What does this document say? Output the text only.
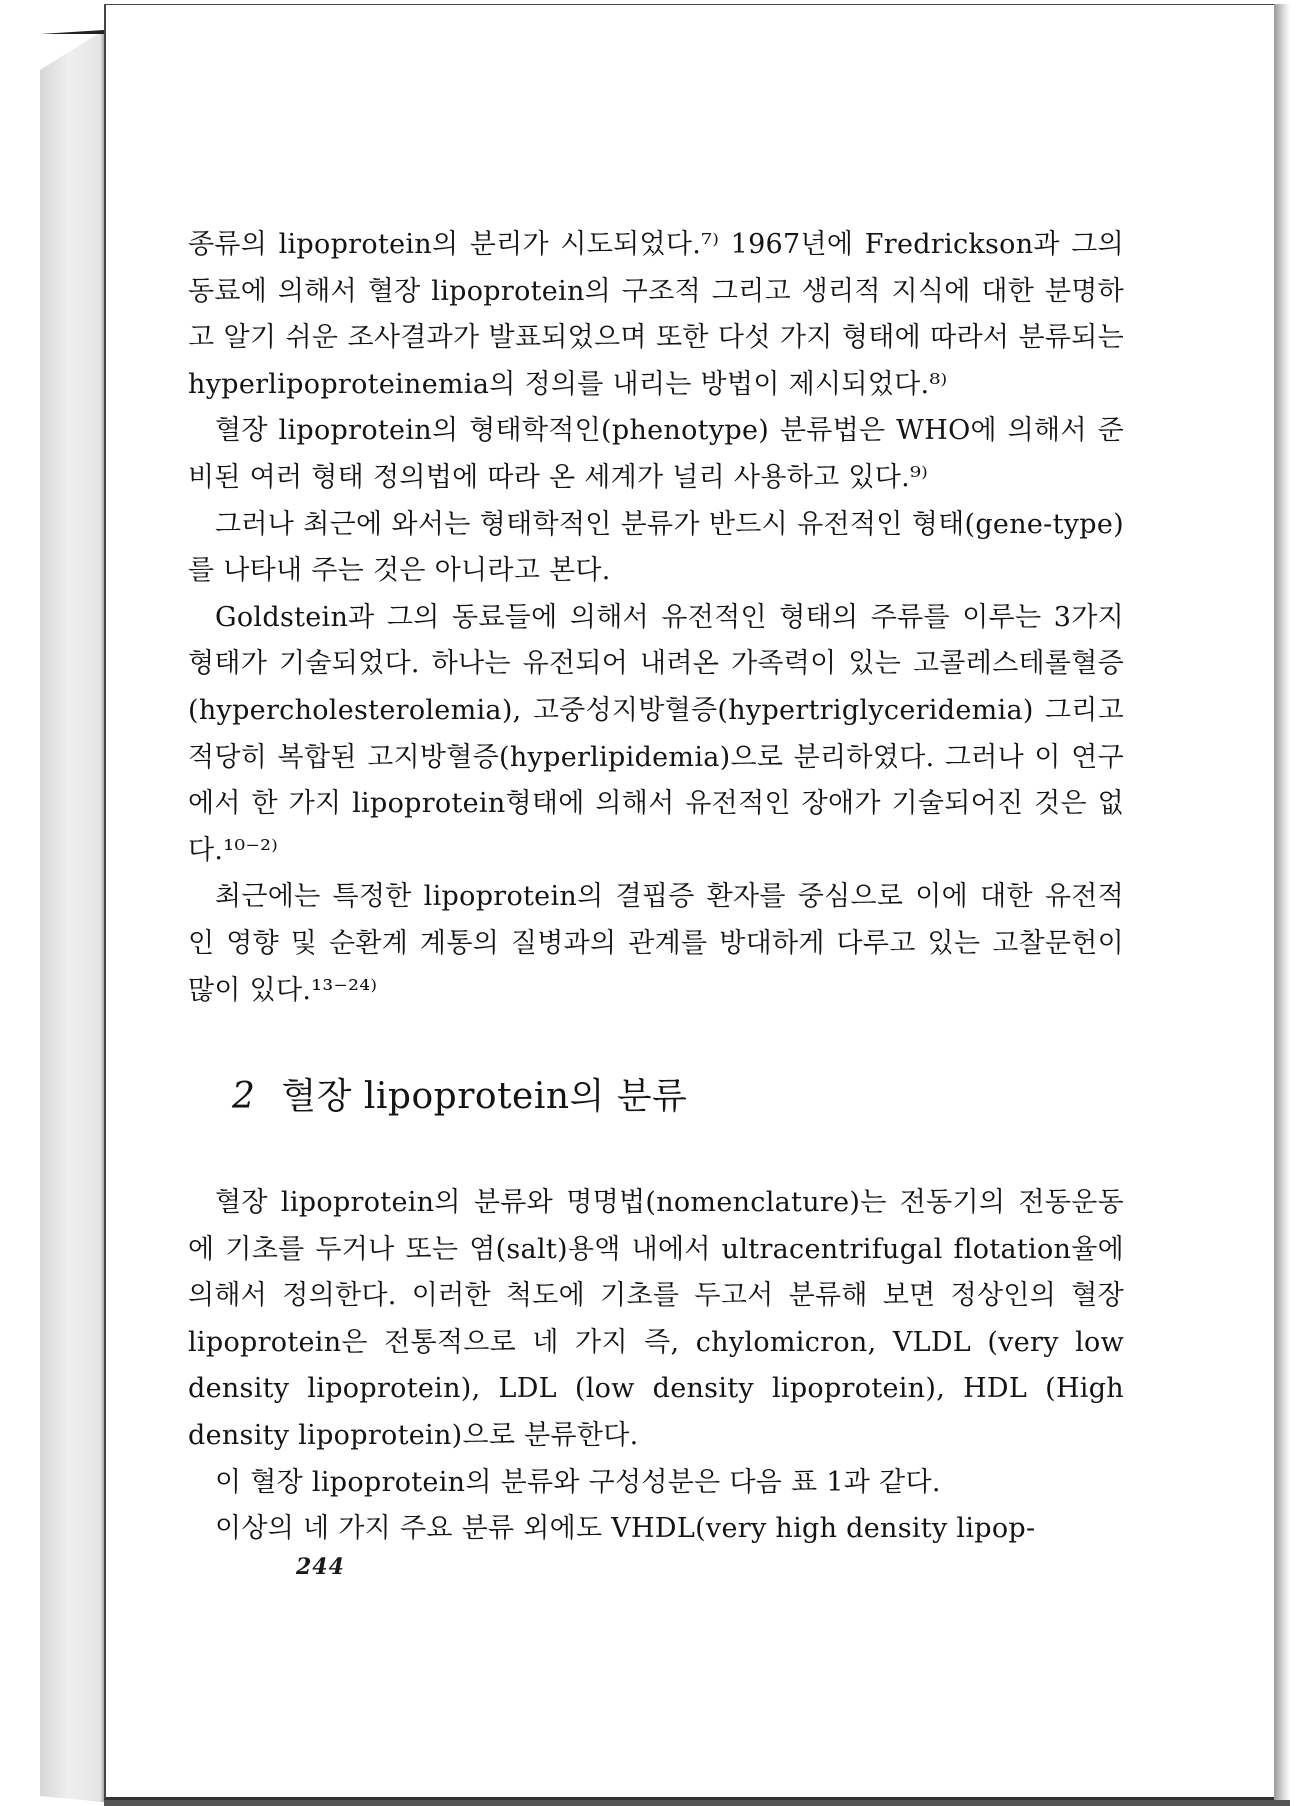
종류의 lipoprotein의 분리가 시도되었다.⁷⁾ 1967년에 Fredrickson과 그의 동료에 의해서 혈장 lipoprotein의 구조적 그리고 생리적 지식에 대한 분명하고 알기 쉬운 조사결과가 발표되었으며 또한 다섯 가지 형태에 따라서 분류되는 hyperlipoproteinemia의 정의를 내리는 방법이 제시되었다.⁸⁾

혈장 lipoprotein의 형태학적인(phenotype) 분류법은 WHO에 의해서 준비된 여러 형태 정의법에 따라 온 세계가 널리 사용하고 있다.⁹⁾

그러나 최근에 와서는 형태학적인 분류가 반드시 유전적인 형태(gene-type)를 나타내 주는 것은 아니라고 본다.

Goldstein과 그의 동료들에 의해서 유전적인 형태의 주류를 이루는 3가지 형태가 기술되었다. 하나는 유전되어 내려온 가족력이 있는 고콜레스테롤혈증(hypercholesterolemia), 고중성지방혈증(hypertriglyceridemia) 그리고 적당히 복합된 고지방혈증(hyperlipidemia)으로 분리하였다. 그러나 이 연구에서 한 가지 lipoprotein형태에 의해서 유전적인 장애가 기술되어진 것은 없다.¹⁰⁻²⁾

최근에는 특정한 lipoprotein의 결핍증 환자를 중심으로 이에 대한 유전적인 영향 및 순환계 계통의 질병과의 관계를 방대하게 다루고 있는 고찰문헌이 많이 있다.¹³⁻²⁴⁾

2 혈장 lipoprotein의 분류

혈장 lipoprotein의 분류와 명명법(nomenclature)는 전동기의 전동운동에 기초를 두거나 또는 염(salt)용액 내에서 ultracentrifugal flotation율에 의해서 정의한다. 이러한 척도에 기초를 두고서 분류해 보면 정상인의 혈장 lipoprotein은 전통적으로 네 가지 즉, chylomicron, VLDL (very low density lipoprotein), LDL (low density lipoprotein), HDL (High density lipoprotein)으로 분류한다.

이 혈장 lipoprotein의 분류와 구성성분은 다음 표 1과 같다.

이상의 네 가지 주요 분류 외에도 VHDL(very high density lipop-

244
